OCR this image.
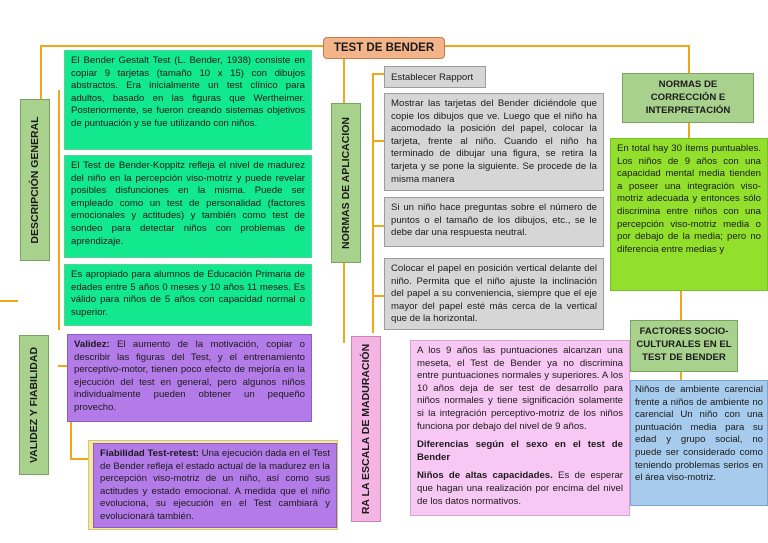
TEST DE BENDER
DESCRIPCIÓN GENERAL	NORMAS DE APLICACION
VALIDEZ Y FIABILIDAD	RA LA ESCALA DE MADURACIÓN
El Bender Gestalt Test (L. Bender, 1938) consiste en copiar 9 tarjetas (tamaño 10 x 15) con dibujos abstractos. Era inicialmente un test clínico para adultos, basado en las figuras que Wertheimer. Posteriormente, se fueron creando sistemas objetivos de puntuación y se fue utilizando con niños.
El Test de Bender-Koppitz refleja el nivel de madurez del niño en la percepción viso-motriz y puede revelar posibles disfunciones en la misma. Puede ser empleado como un test de personalidad (factores emocionales y actitudes) y también como test de sondeo para detectar niños con problemas de aprendizaje.
Es apropiado para alumnos de Educación Primaria de edades entre 5 años 0 meses y 10 años 11 meses. Es válido para niños de 5 años con capacidad normal o superior.
Establecer Rapport
Mostrar las tarjetas del Bender diciéndole que copie los dibujos que ve. Luego que el niño ha acomodado la posición del papel, colocar la tarjeta, frente al niño. Cuando el niño ha terminado de dibujar una figura, se retira la tarjeta y se pone la siguiente. Se procede de la misma manera
Si un niño hace preguntas sobre el número de puntos o el tamaño de los dibujos, etc., se le debe dar una respuesta neutral.
Colocar el papel en posición vertical delante del niño. Permita que el niño ajuste la inclinación del papel a su conveniencia, siempre que el eje mayor del papel esté más cerca de la vertical que de la horizontal.
NORMAS DE CORRECCIÓN E INTERPRETACIÓN
En total hay 30 ítems puntuables. Los niños de 9 años con una capacidad mental media tienden a poseer una integración viso-motriz adecuada y entonces sólo discrimina entre niños con una percepción viso-motriz media o por debajo de la media; pero no diferencia entre medias y
FACTORES SOCIO-CULTURALES EN EL TEST DE BENDER
Niños de ambiente carencial frente a niños de ambiente no carencial Un niño con una puntuación media para su edad y grupo social, no puede ser considerado como teniendo problemas serios en el área viso-motriz.
Validez: El aumento de la motivación, copiar o describir las figuras del Test, y el entrenamiento perceptivo-motor, tienen poco efecto de mejoría en la ejecución del test en general, pero algunos niños individualmente pueden obtener un pequeño provecho.
Fiabilidad Test-retest: Una ejecución dada en el Test de Bender refleja el estado actual de la madurez en la percepción viso-motriz de un niño, así como sus actitudes y estado emocional. A medida que el niño evoluciona, su ejecución en el Test cambiará y evolucionará también.

A los 9 años las puntuaciones alcanzan una meseta, el Test de Bender ya no discrimina entre puntuaciones normales y superiores. A los 10 años deja de ser test de desarrollo para niños normales y tiene significación solamente si la integración perceptivo-motriz de los niños funciona por debajo del nivel de 9 años.

Diferencias según el sexo en el test de Bender

Niños de altas capacidades. Es de esperar que hagan una realización por encima del nivel de los datos normativos.
